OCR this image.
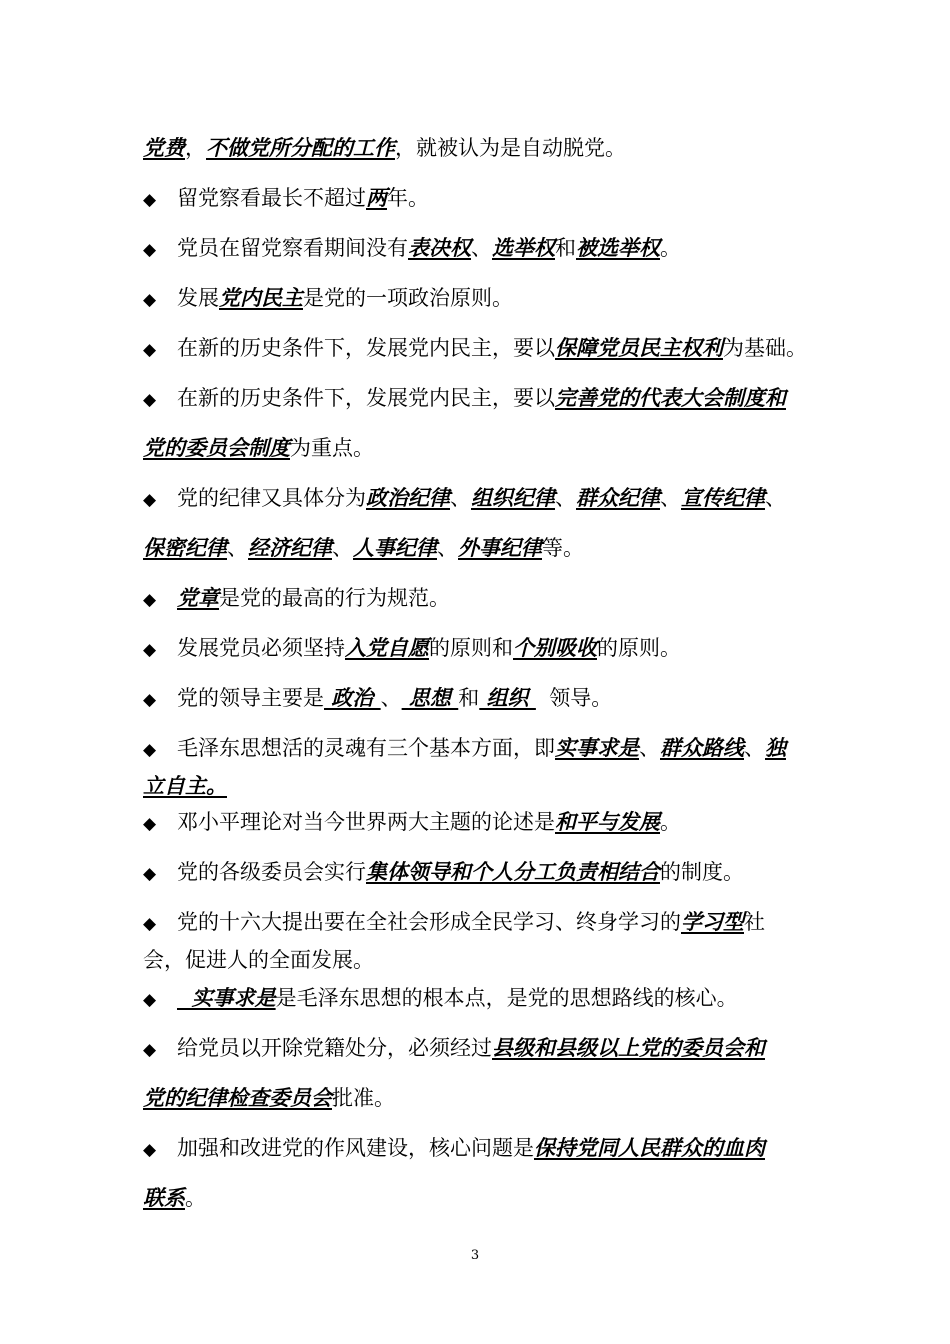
党费，不做党所分配的工作，就被认为是自动脱党。
◆ 留党察看最长不超过两年。
◆ 党员在留党察看期间没有表决权、选举权和被选举权。
◆ 发展党内民主是党的一项政治原则。
◆ 在新的历史条件下，发展党内民主，要以保障党员民主权利为基础。
◆ 在新的历史条件下，发展党内民主，要以完善党的代表大会制度和
党的委员会制度为重点。
◆ 党的纪律又具体分为政治纪律、组织纪律、群众纪律、宣传纪律、
保密纪律、经济纪律、人事纪律、外事纪律等。
◆ 党章是党的最高的行为规范。
◆ 发展党员必须坚持入党自愿的原则和个别吸收的原则。
◆ 党的领导主要是 政治 、 思想 和 组织   领导。
◆ 毛泽东思想活的灵魂有三个基本方面，即实事求是、群众路线、独
立自主。
◆ 邓小平理论对当今世界两大主题的论述是和平与发展。
◆ 党的各级委员会实行集体领导和个人分工负责相结合的制度。
◆ 党的十六大提出要在全社会形成全民学习、终身学习的学习型社
会，促进人的全面发展。
◆  实事求是是毛泽东思想的根本点，是党的思想路线的核心。
◆ 给党员以开除党籍处分，必须经过县级和县级以上党的委员会和
党的纪律检查委员会批准。
◆ 加强和改进党的作风建设，核心问题是保持党同人民群众的血肉
联系。
3
